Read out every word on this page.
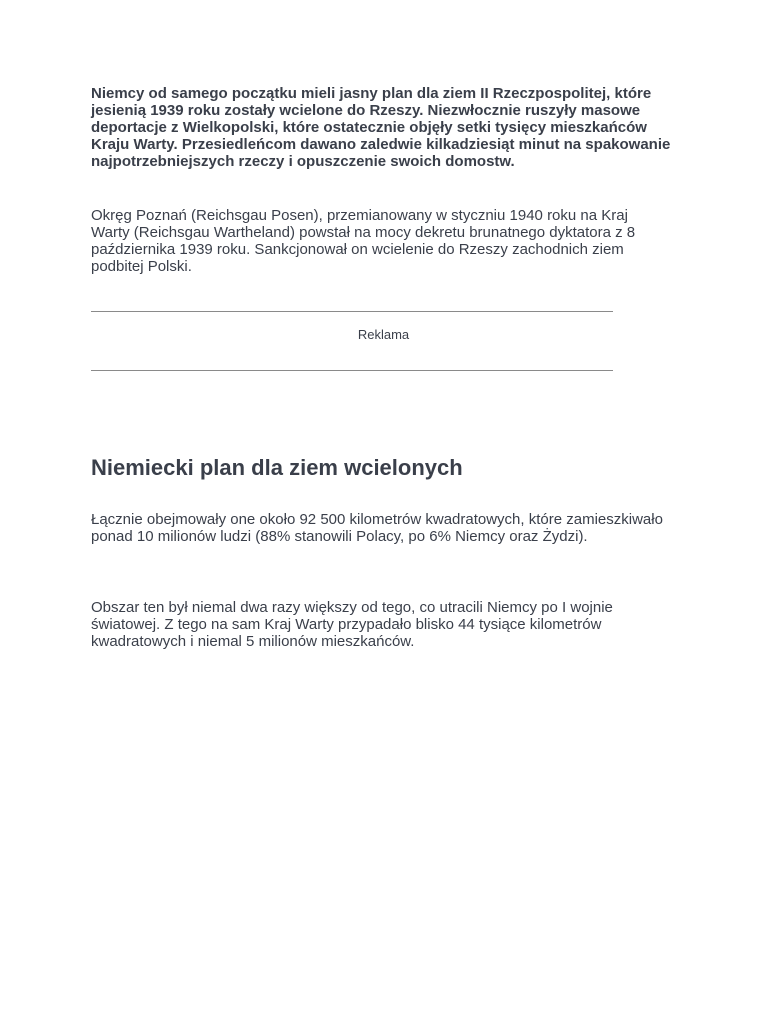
Niemcy od samego początku mieli jasny plan dla ziem II Rzeczpospolitej, które jesienią 1939 roku zostały wcielone do Rzeszy. Niezwłocznie ruszyły masowe deportacje z Wielkopolski, które ostatecznie objęły setki tysięcy mieszkańców Kraju Warty. Przesiedleńcom dawano zaledwie kilkadziesiąt minut na spakowanie najpotrzebniejszych rzeczy i opuszczenie swoich domostw.

Okręg Poznań (Reichsgau Posen), przemianowany w styczniu 1940 roku na Kraj Warty (Reichsgau Wartheland) powstał na mocy dekretu brunatnego dyktatora z 8 października 1939 roku. Sankcjonował on wcielenie do Rzeszy zachodnich ziem podbitej Polski.

Reklama
Niemiecki plan dla ziem wcielonych

Łącznie obejmowały one około 92 500 kilometrów kwadratowych, które zamieszkiwało ponad 10 milionów ludzi (88% stanowili Polacy, po 6% Niemcy oraz Żydzi).

Obszar ten był niemal dwa razy większy od tego, co utracili Niemcy po I wojnie światowej. Z tego na sam Kraj Warty przypadało blisko 44 tysiące kilometrów kwadratowych i niemal 5 milionów mieszkańców.
